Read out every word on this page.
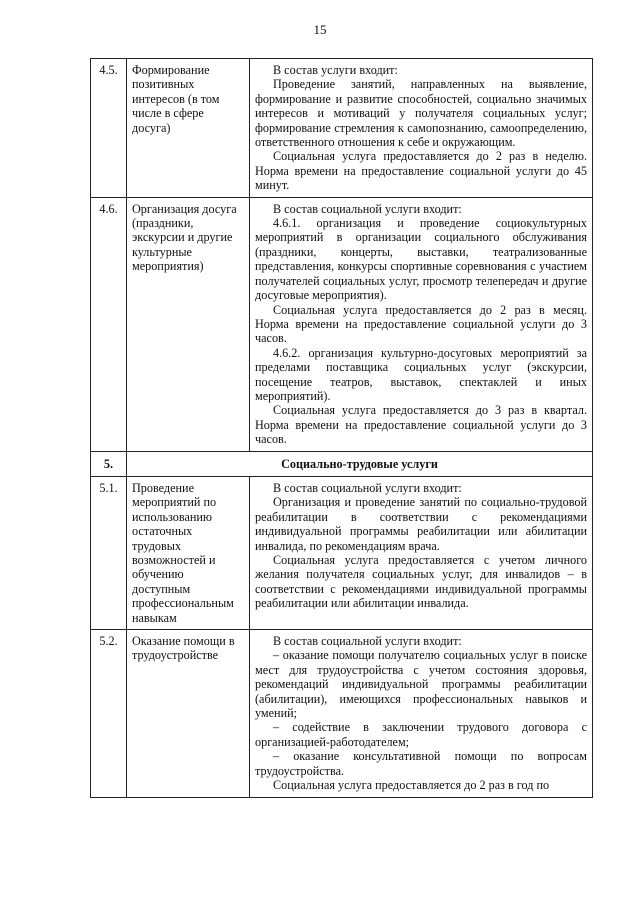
15
4.5.	Формирование позитивных интересов (в том числе в сфере досуга)	В состав услуги входит:
Проведение занятий, направленных на выявление, формирование и развитие способностей, социально значимых интересов и мотиваций у получателя социальных услуг; формирование стремления к самопознанию, самоопределению, ответственного отношения к себе и окружающим.
Социальная услуга предоставляется до 2 раз в неделю. Норма времени на предоставление социальной услуги до 45 минут.

4.6.	Организация досуга (праздники, экскурсии и другие культурные мероприятия)	В состав социальной услуги входит:
4.6.1. организация и проведение социокультурных мероприятий в организации социального обслуживания (праздники, концерты, выставки, театрализованные представления, конкурсы спортивные соревнования с участием получателей социальных услуг, просмотр телепередач и другие досуговые мероприятия).
Социальная услуга предоставляется до 2 раз в месяц. Норма времени на предоставление социальной услуги до 3 часов.
4.6.2. организация культурно-досуговых мероприятий за пределами поставщика социальных услуг (экскурсии, посещение театров, выставок, спектаклей и иных мероприятий).
Социальная услуга предоставляется до 3 раз в квартал. Норма времени на предоставление социальной услуги до 3 часов.

5.	Социально-трудовые услуги	
5.1.	Проведение мероприятий по использованию остаточных трудовых возможностей и обучению доступным профессиональным навыкам	В состав социальной услуги входит:
Организация и проведение занятий по социально-трудовой реабилитации в соответствии с рекомендациями индивидуальной программы реабилитации или абилитации инвалида, по рекомендациям врача.
Социальная услуга предоставляется с учетом личного желания получателя социальных услуг, для инвалидов – в соответствии с рекомендациями индивидуальной программы реабилитации или абилитации инвалида.

5.2.	Оказание помощи в трудоустройстве	В состав социальной услуги входит:
– оказание помощи получателю социальных услуг в поиске мест для трудоустройства с учетом состояния здоровья, рекомендаций индивидуальной программы реабилитации (абилитации), имеющихся профессиональных навыков и умений;
– содействие в заключении трудового договора с организацией-работодателем;
– оказание консультативной помощи по вопросам трудоустройства.
Социальная услуга предоставляется до 2 раз в год по
